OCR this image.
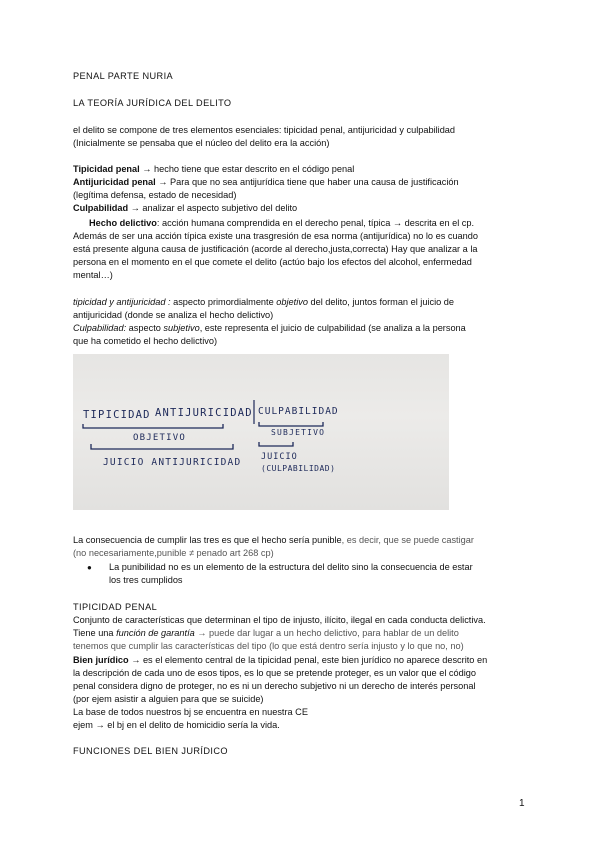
PENAL PARTE NURIA
LA TEORÍA JURÍDICA DEL DELITO
el delito se compone de tres elementos esenciales: tipicidad penal, antijuricidad y culpabilidad
(Inicialmente se pensaba que el núcleo del delito era la acción)
Tipicidad penal → hecho tiene que estar descrito en el código penal
Antijuricidad penal → Para que no sea antijurídica tiene que haber una causa de justificación
(legítima defensa, estado de necesidad)
Culpabilidad → analizar el aspecto subjetivo del delito
Hecho delictivo: acción humana comprendida en el derecho penal, típica → descrita en el cp.
Además de ser una acción típica existe una trasgresión de esa norma (antijurídica) no lo es cuando
está presente alguna causa de justificación (acorde al derecho,justa,correcta) Hay que analizar a la
persona en el momento en el que comete el delito (actúo bajo los efectos del alcohol, enfermedad
mental…)
tipicidad y antijuricidad : aspecto primordialmente objetivo del delito, juntos forman el juicio de
antijuricidad (donde se analiza el hecho delictivo)
Culpabilidad: aspecto subjetivo, este representa el juicio de culpabilidad (se analiza a la persona
que ha cometido el hecho delictivo)
TIPICIDAD ANTIJURICIDAD CULPABILIDAD
OBJETIVO
SUBJETIVO
JUICIO ANTIJURICIDAD JUICIO
(CULPABILIDAD)
La consecuencia de cumplir las tres es que el hecho sería punible, es decir, que se puede castigar
(no necesariamente,punible ≠ penado art 268 cp)
● La punibilidad no es un elemento de la estructura del delito sino la consecuencia de estar
los tres cumplidos
TIPICIDAD PENAL
Conjunto de características que determinan el tipo de injusto, ilícito, ilegal en cada conducta delictiva.
Tiene una función de garantía → puede dar lugar a un hecho delictivo, para hablar de un delito
tenemos que cumplir las características del tipo (lo que está dentro sería injusto y lo que no, no)
Bien jurídico → es el elemento central de la tipicidad penal, este bien jurídico no aparece descrito en
la descripción de cada uno de esos tipos, es lo que se pretende proteger, es un valor que el código
penal considera digno de proteger, no es ni un derecho subjetivo ni un derecho de interés personal
(por ejem asistir a alguien para que se suicide)
La base de todos nuestros bj se encuentra en nuestra CE
ejem → el bj en el delito de homicidio sería la vida.
FUNCIONES DEL BIEN JURÍDICO
1
